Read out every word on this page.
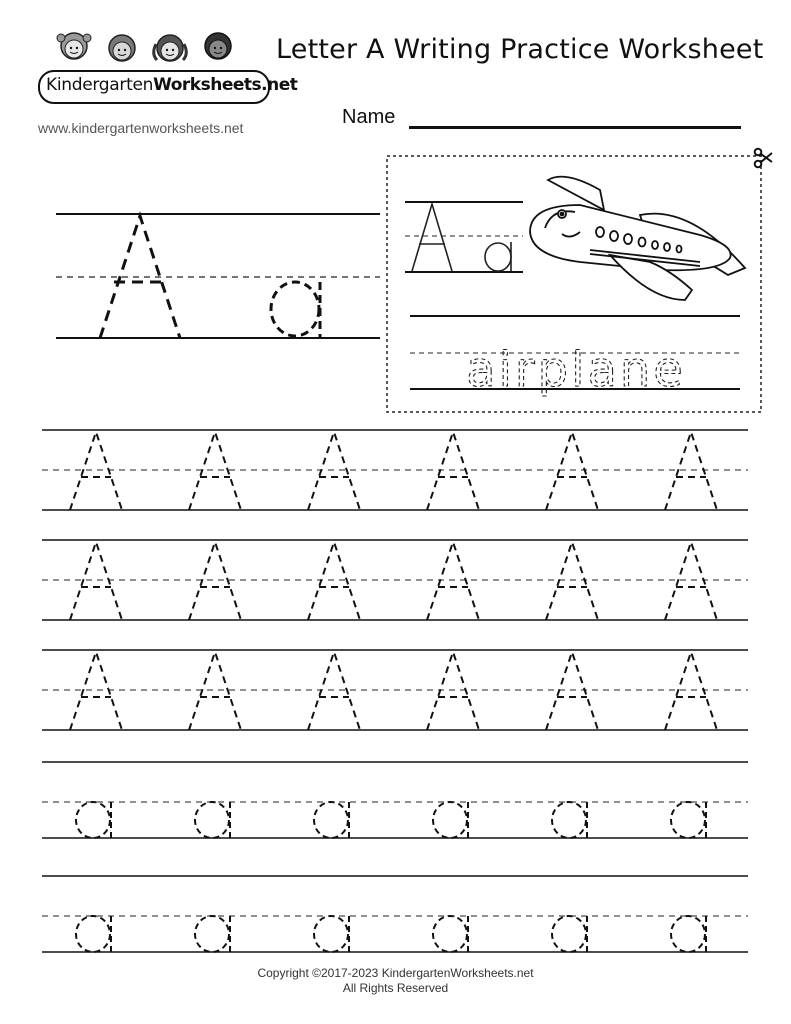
KindergartenWorksheets.net
www.kindergartenworksheets.net
Letter A Writing Practice Worksheet
Name
airplane
Copyright ©2017-2023 KindergartenWorksheets.net
All Rights Reserved
